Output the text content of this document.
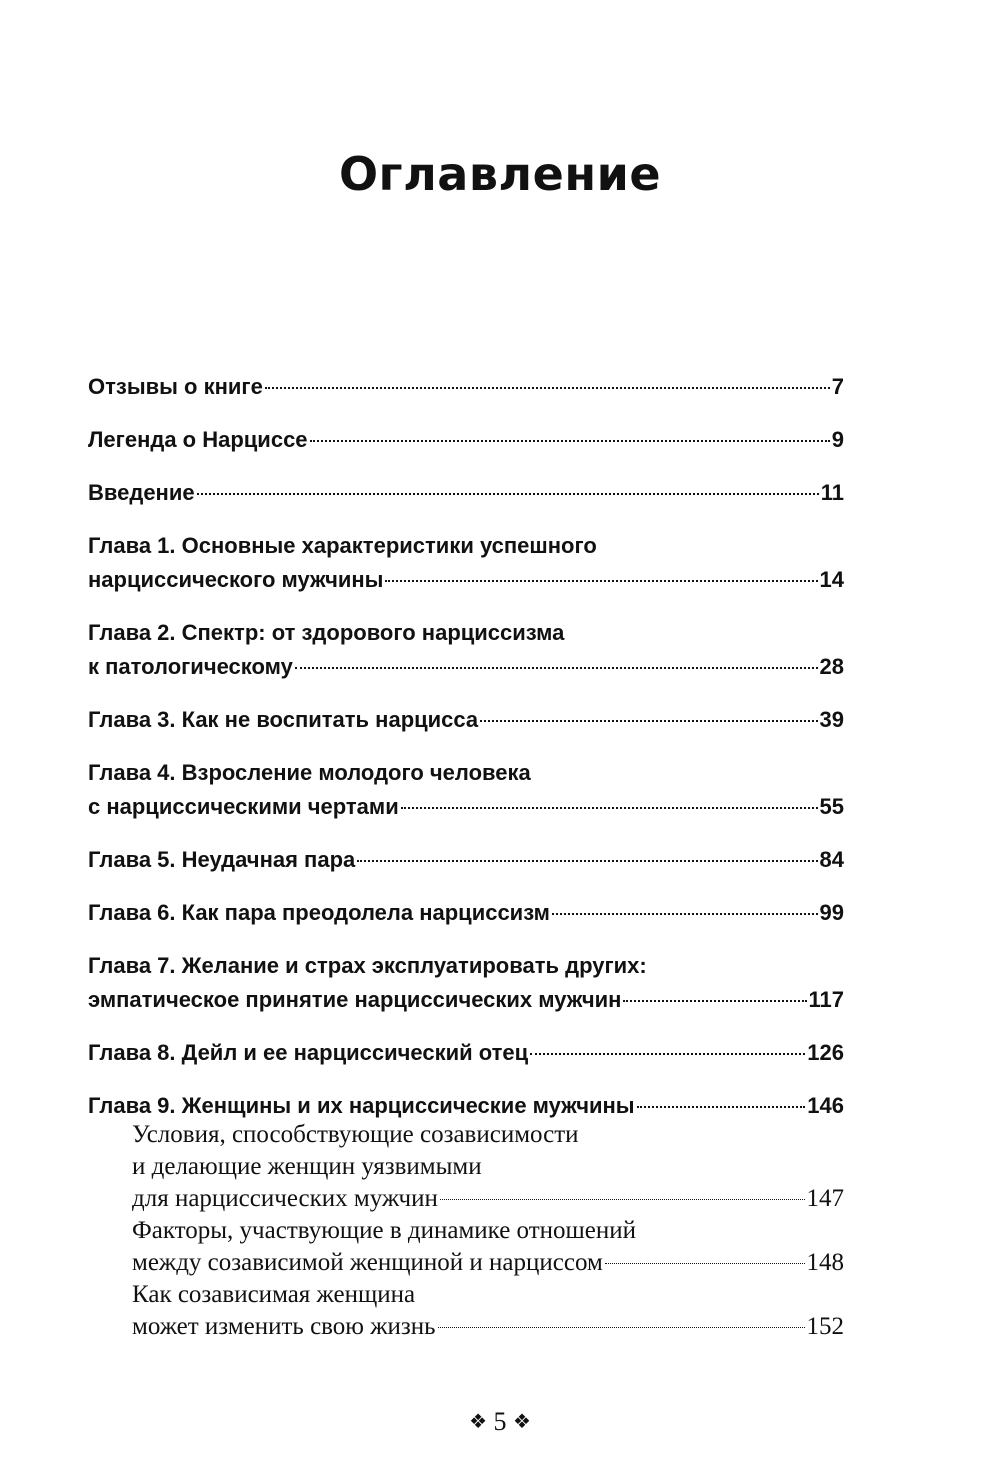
Оглавление
Отзывы о книге	7
Легенда о Нарциссе	9
Введение	11
Глава 1. Основные характеристики успешного
нарциссического мужчины	14
Глава 2. Спектр: от здорового нарциссизма
к патологическому	28
Глава 3. Как не воспитать нарцисса	39
Глава 4. Взросление молодого человека
с нарциссическими чертами	55
Глава 5. Неудачная пара	84
Глава 6. Как пара преодолела нарциссизм	99
Глава 7. Желание и страх эксплуатировать других:
эмпатическое принятие нарциссических мужчин	117
Глава 8. Дейл и ее нарциссический отец	126
Глава 9. Женщины и их нарциссические мужчины	146
Условия, способствующие созависимости
и делающие женщин уязвимыми
для нарциссических мужчин	147
Факторы, участвующие в динамике отношений
между созависимой женщиной и нарциссом	148
Как созависимая женщина
может изменить свою жизнь	152
❖ 5 ❖
